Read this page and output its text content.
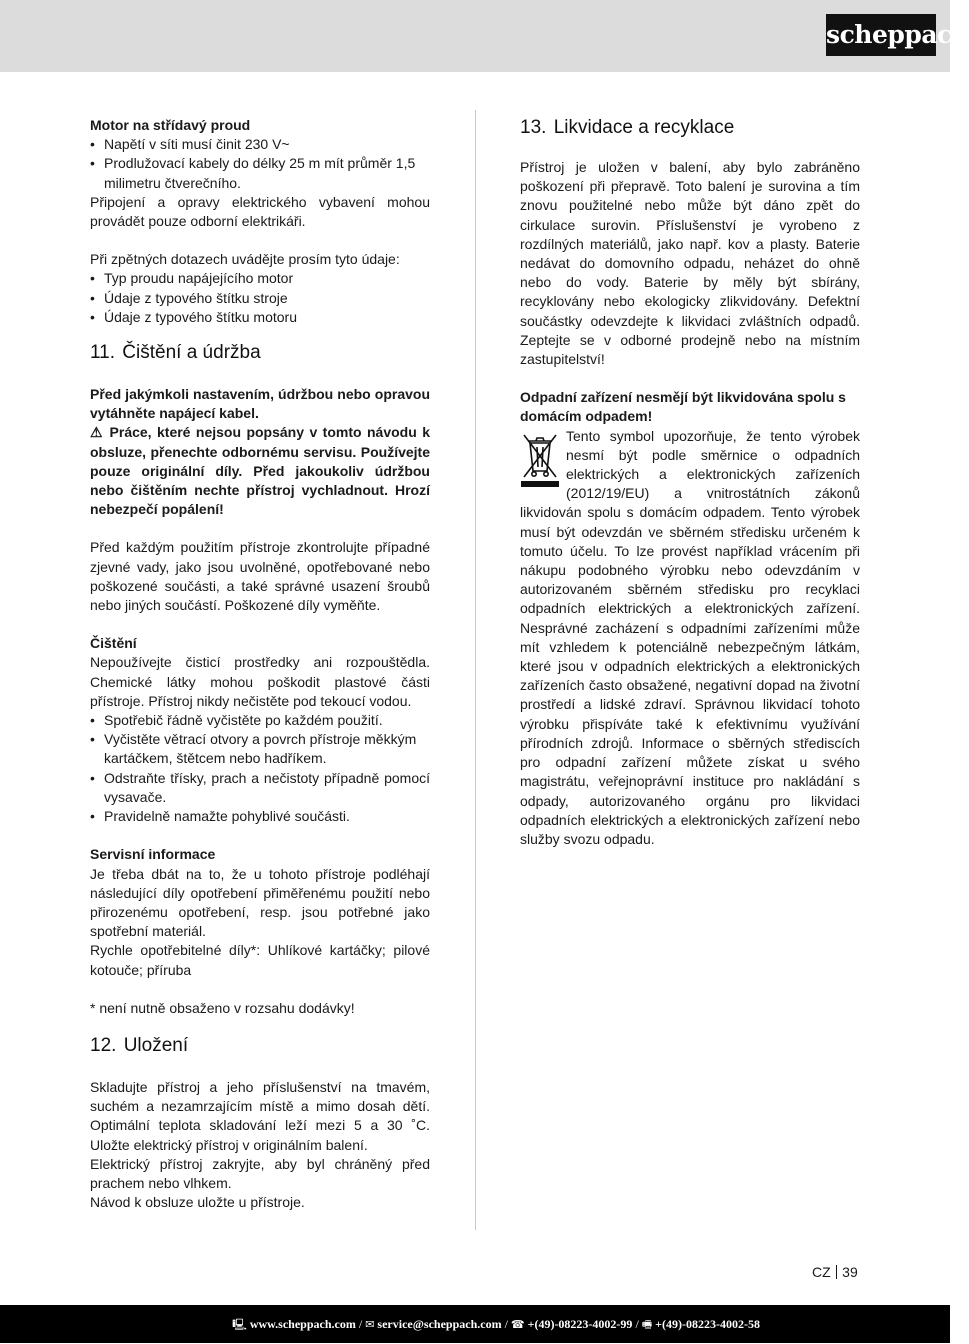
scheppach

Motor na střídavý proud

• Napětí v síti musí činit 230 V~
• Prodlužovací kabely do délky 25 m mít průměr 1,5 milimetru čtverečního.

Připojení a opravy elektrického vybavení mohou provádět pouze odborní elektrikáři.

Při zpětných dotazech uvádějte prosím tyto údaje:

• Typ proudu napájejícího motor
• Údaje z typového štítku stroje
• Údaje z typového štítku motoru
11. Čištění a údržba

Před jakýmkoli nastavením, údržbou nebo opravou vytáhněte napájecí kabel.

⚠︎ Práce, které nejsou popsány v tomto návodu k obsluze, přenechte odbornému servisu. Používejte pouze originální díly. Před jakoukoliv údržbou nebo čištěním nechte přístroj vychladnout. Hrozí nebezpečí popálení!

Před každým použitím přístroje zkontrolujte případné zjevné vady, jako jsou uvolněné, opotřebované nebo poškozené součásti, a také správné usazení šroubů nebo jiných součástí. Poškozené díly vyměňte.

Čištění

Nepoužívejte čisticí prostředky ani rozpouštědla. Chemické látky mohou poškodit plastové části přístroje. Přístroj nikdy nečistěte pod tekoucí vodou.

• Spotřebič řádně vyčistěte po každém použití.
• Vyčistěte větrací otvory a povrch přístroje měkkým kartáčkem, štětcem nebo hadříkem.
• Odstraňte třísky, prach a nečistoty případně pomocí vysavače.
• Pravidelně namažte pohyblivé součásti.

Servisní informace

Je třeba dbát na to, že u tohoto přístroje podléhají následující díly opotřebení přiměřenému použití nebo přirozenému opotřebení, resp. jsou potřebné jako spotřební materiál.

Rychle opotřebitelné díly*: Uhlíkové kartáčky; pilové kotouče; příruba

* není nutně obsaženo v rozsahu dodávky!

12. Uložení

Skladujte přístroj a jeho příslušenství na tmavém, suchém a nezamrzajícím místě a mimo dosah dětí. Optimální teplota skladování leží mezi 5 a 30 ˚C. Uložte elektrický přístroj v originálním balení.

Elektrický přístroj zakryjte, aby byl chráněný před prachem nebo vlhkem.

Návod k obsluze uložte u přístroje.

13. Likvidace a recyklace

Přístroj je uložen v balení, aby bylo zabráněno poškození při přepravě. Toto balení je surovina a tím znovu použitelné nebo může být dáno zpět do cirkulace surovin. Příslušenství je vyrobeno z rozdílných materiálů, jako např. kov a plasty. Baterie nedávat do domovního odpadu, neházet do ohně nebo do vody. Baterie by měly být sbírány, recyklovány nebo ekologicky zlikvidovány. Defektní součástky odevzdejte k likvidaci zvláštních odpadů. Zeptejte se v odborné prodejně nebo na místním zastupitelství!

Odpadní zařízení nesmějí být likvidována spolu s domácím odpadem!

Tento symbol upozorňuje, že tento výrobek nesmí být podle směrnice o odpadních elektrických a elektronických zařízeních (2012/19/EU) a vnitrostátních zákonů likvidován spolu s domácím odpadem. Tento výrobek musí být odevzdán ve sběrném středisku určeném k tomuto účelu. To lze provést například vrácením při nákupu podobného výrobku nebo odevzdáním v autorizovaném sběrném středisku pro recyklaci odpadních elektrických a elektronických zařízení. Nesprávné zacházení s odpadními zařízeními může mít vzhledem k potenciálně nebezpečným látkám, které jsou v odpadních elektrických a elektronických zařízeních často obsažené, negativní dopad na životní prostředí a lidské zdraví. Správnou likvidací tohoto výrobku přispíváte také k efektivnímu využívání přírodních zdrojů. Informace o sběrných střediscích pro odpadní zařízení můžete získat u svého magistrátu, veřejnoprávní instituce pro nakládání s odpady, autorizovaného orgánu pro likvidaci odpadních elektrických a elektronických zařízení nebo služby svozu odpadu.

CZ 39
🖳︎ www.scheppach.com / ✉︎ service@scheppach.com / ☎︎ +(49)-08223-4002-99 / 🖷︎ +(49)-08223-4002-58
